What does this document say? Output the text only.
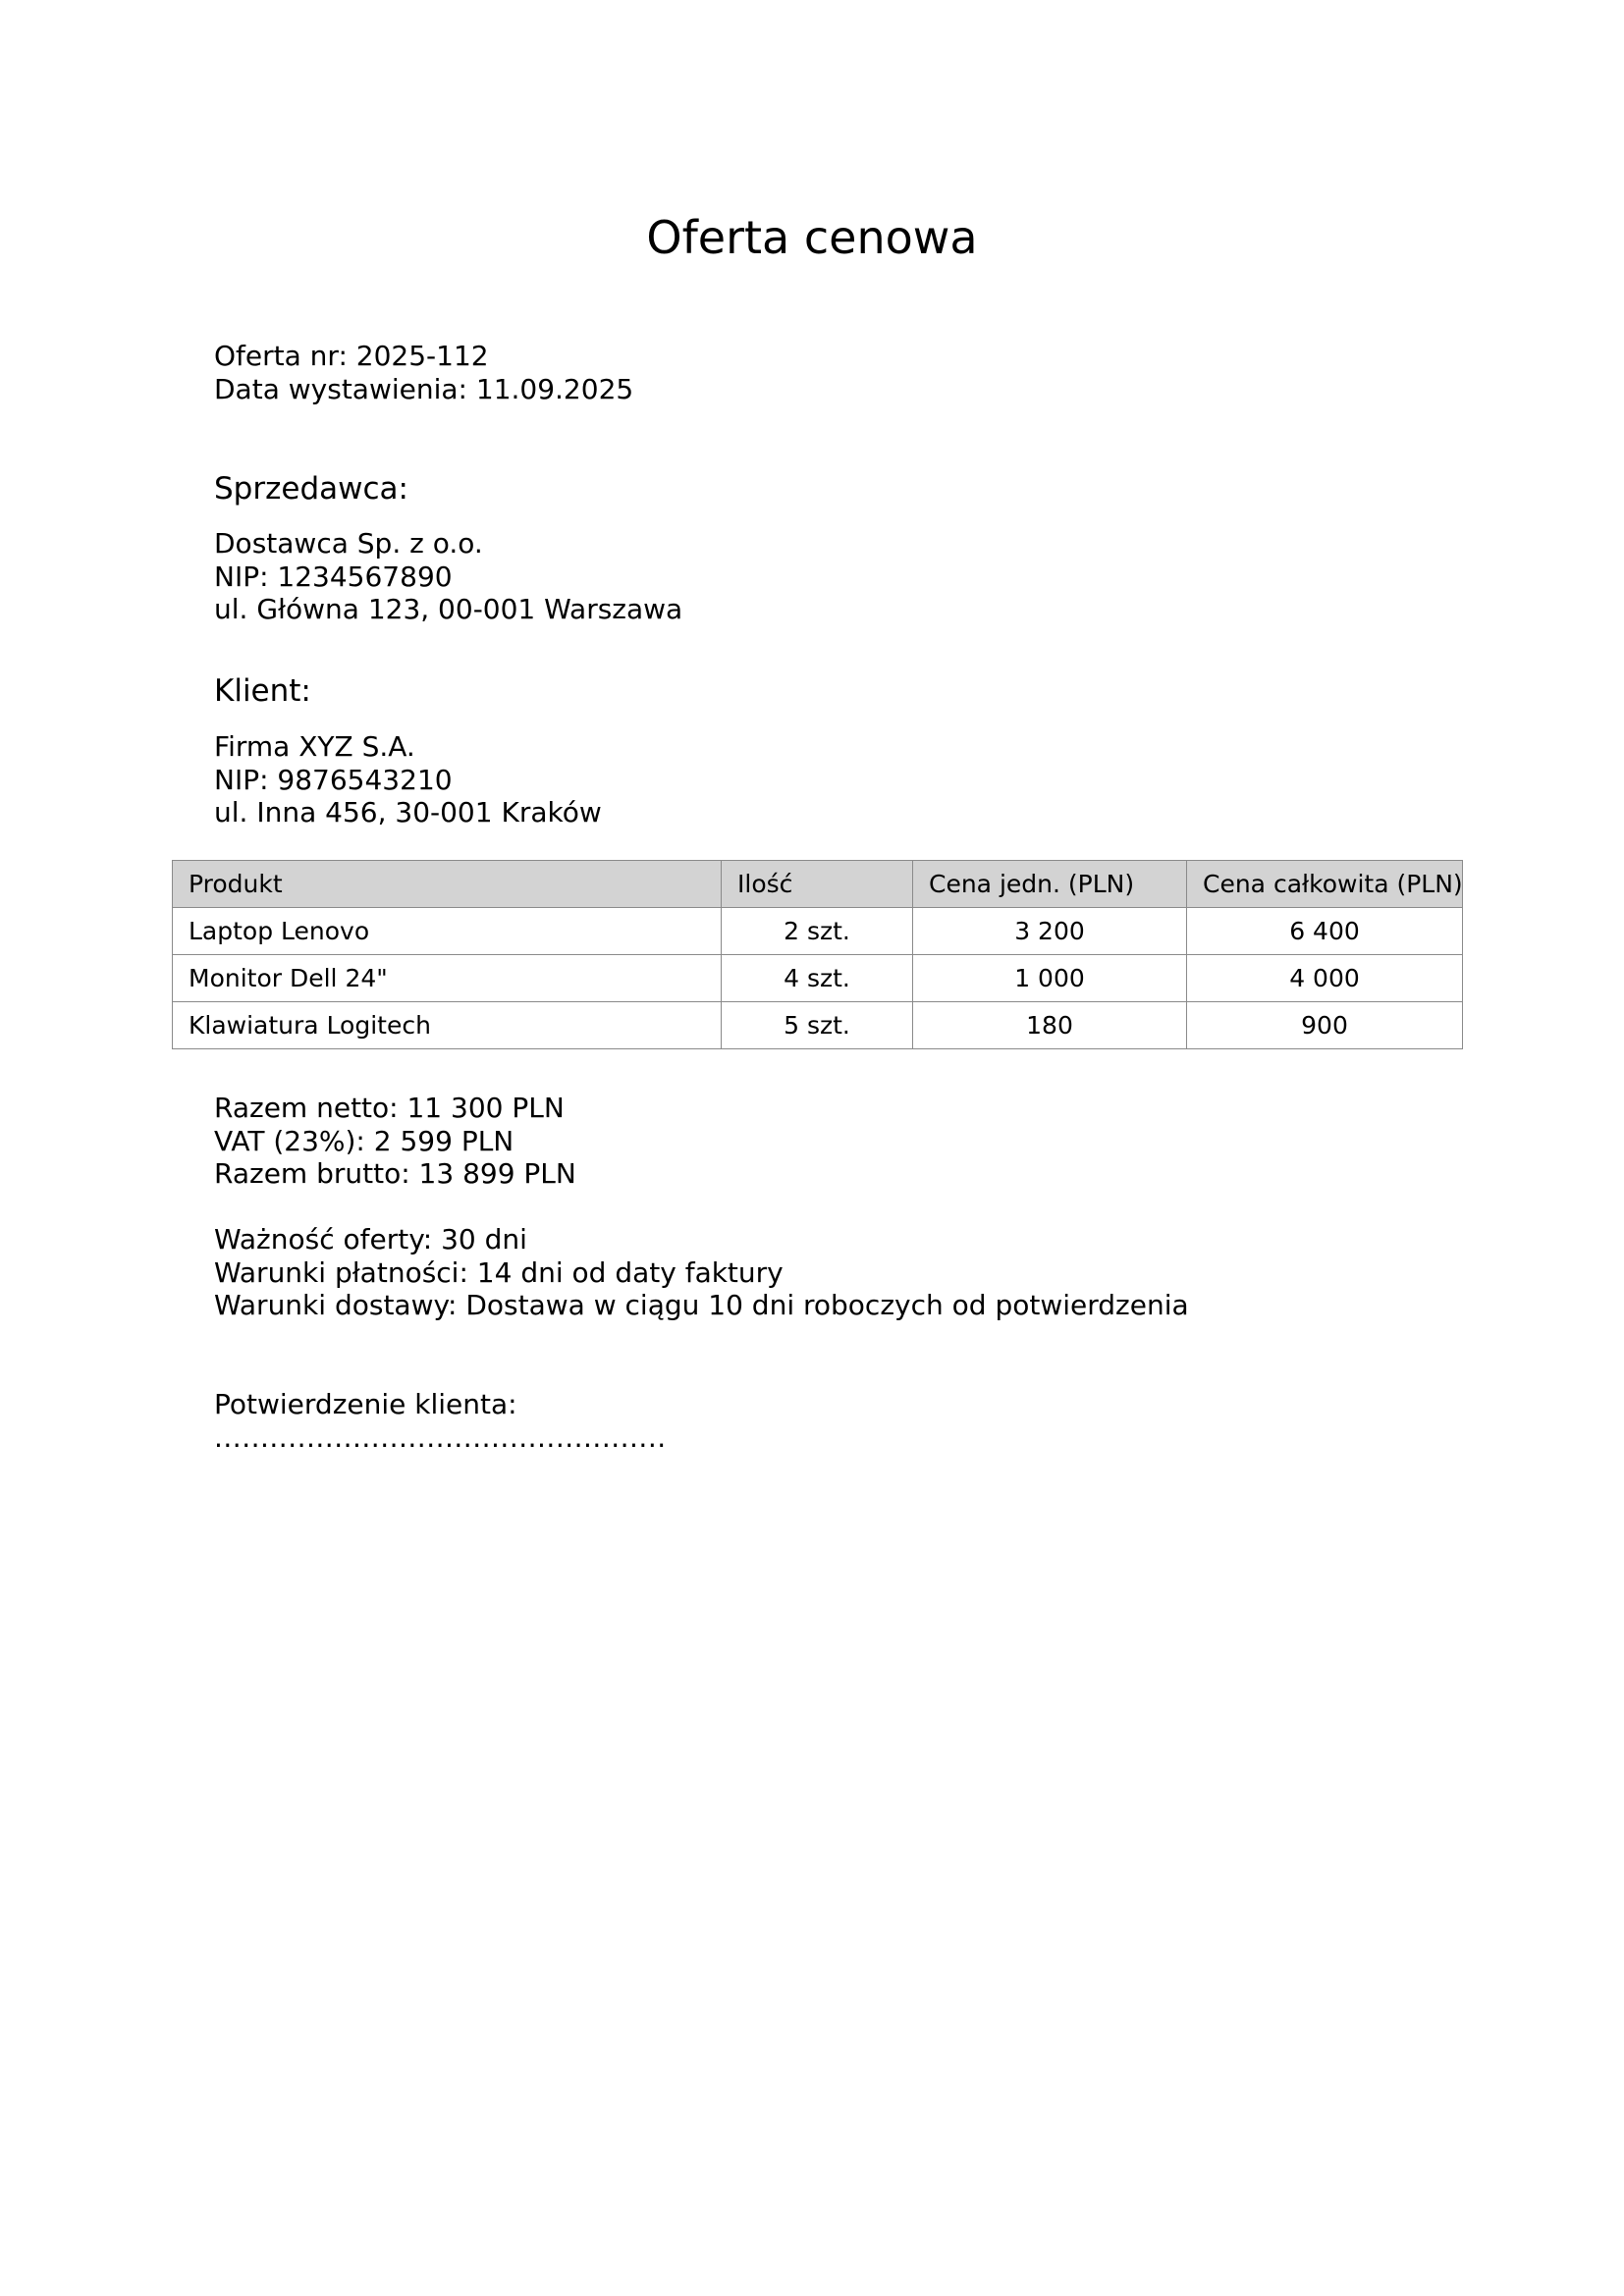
Oferta cenowa
Oferta nr: 2025-112
Data wystawienia: 11.09.2025
Sprzedawca:
Dostawca Sp. z o.o.
NIP: 1234567890
ul. Główna 123, 00-001 Warszawa
Klient:
Firma XYZ S.A.
NIP: 9876543210
ul. Inna 456, 30-001 Kraków
Produkt	Ilość	Cena jedn. (PLN)	Cena całkowita (PLN)
Laptop Lenovo	2 szt.	3 200	6 400
Monitor Dell 24"	4 szt.	1 000	4 000
Klawiatura Logitech	5 szt.	180	900
Razem netto: 11 300 PLN
VAT (23%): 2 599 PLN
Razem brutto: 13 899 PLN
Ważność oferty: 30 dni
Warunki płatności: 14 dni od daty faktury
Warunki dostawy: Dostawa w ciągu 10 dni roboczych od potwierdzenia
Potwierdzenie klienta:
.................................................
